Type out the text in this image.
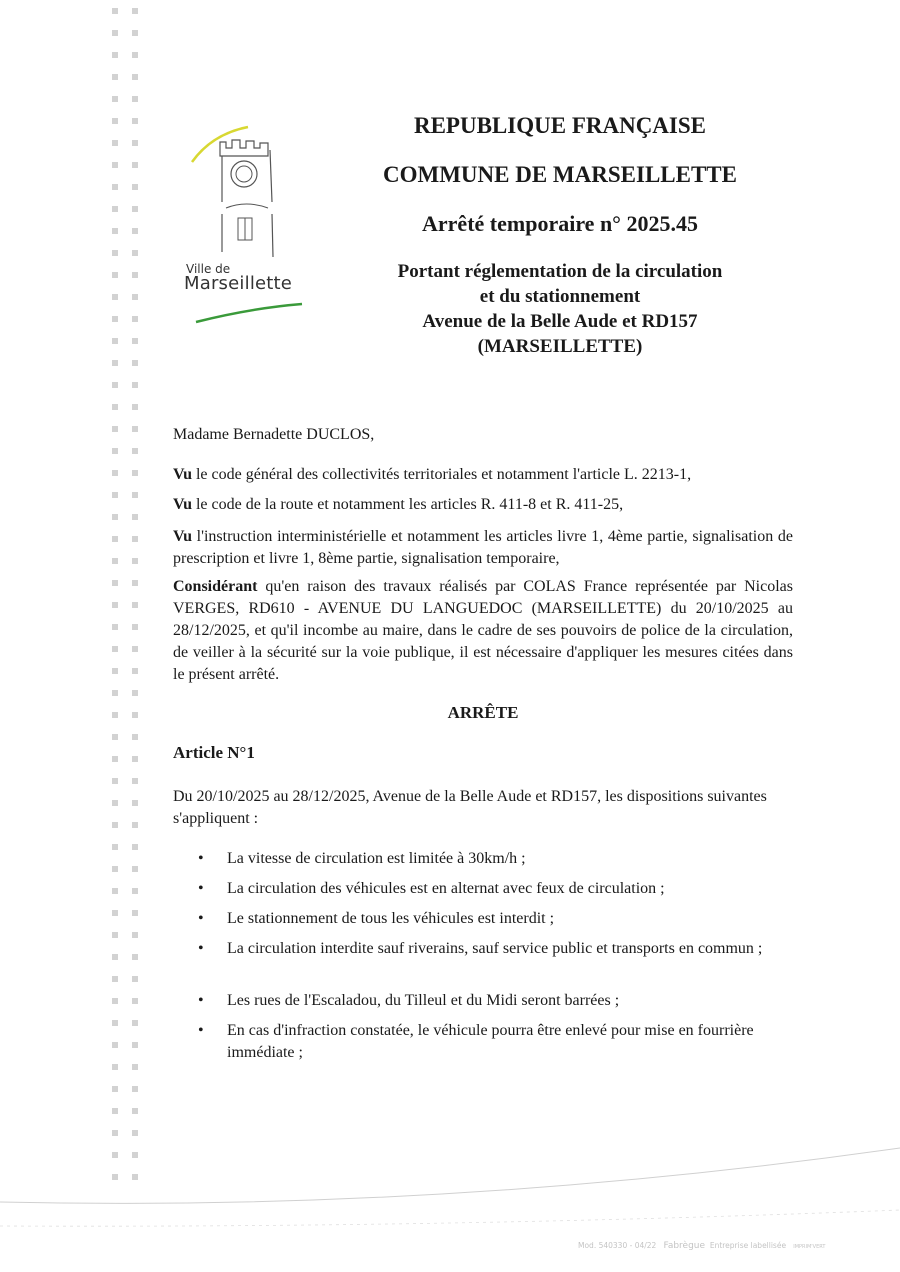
Ville de
Marseillette
REPUBLIQUE FRANÇAISE
COMMUNE DE MARSEILLETTE
Arrêté temporaire n° 2025.45
Portant réglementation de la circulation
et du stationnement
Avenue de la Belle Aude et RD157
(MARSEILLETTE)
Madame Bernadette DUCLOS,
Vu le code général des collectivités territoriales et notamment l'article L. 2213-1,
Vu le code de la route et notamment les articles R. 411-8 et R. 411-25,
Vu l'instruction interministérielle et notamment les articles livre 1, 4ème partie, signalisation de prescription et livre 1, 8ème partie, signalisation temporaire,
Considérant qu'en raison des travaux réalisés par COLAS France représentée par Nicolas VERGES, RD610 - AVENUE DU LANGUEDOC (MARSEILLETTE) du 20/10/2025 au 28/12/2025, et qu'il incombe au maire, dans le cadre de ses pouvoirs de police de la circulation, de veiller à la sécurité sur la voie publique, il est nécessaire d'appliquer les mesures citées dans le présent arrêté.
ARRÊTE
Article N°1
Du 20/10/2025 au 28/12/2025, Avenue de la Belle Aude et RD157, les dispositions suivantes s'appliquent :
• La vitesse de circulation est limitée à 30km/h ;
• La circulation des véhicules est en alternat avec feux de circulation ;
• Le stationnement de tous les véhicules est interdit ;
• La circulation interdite sauf riverains, sauf service public et transports en commun ;
• Les rues de l'Escaladou, du Tilleul et du Midi seront barrées ;
• En cas d'infraction constatée, le véhicule pourra être enlevé pour mise en fourrière immédiate ;
Mod. 540330 - 04/22 Fabrègue Entreprise labellisée IMPRIM'VERT
